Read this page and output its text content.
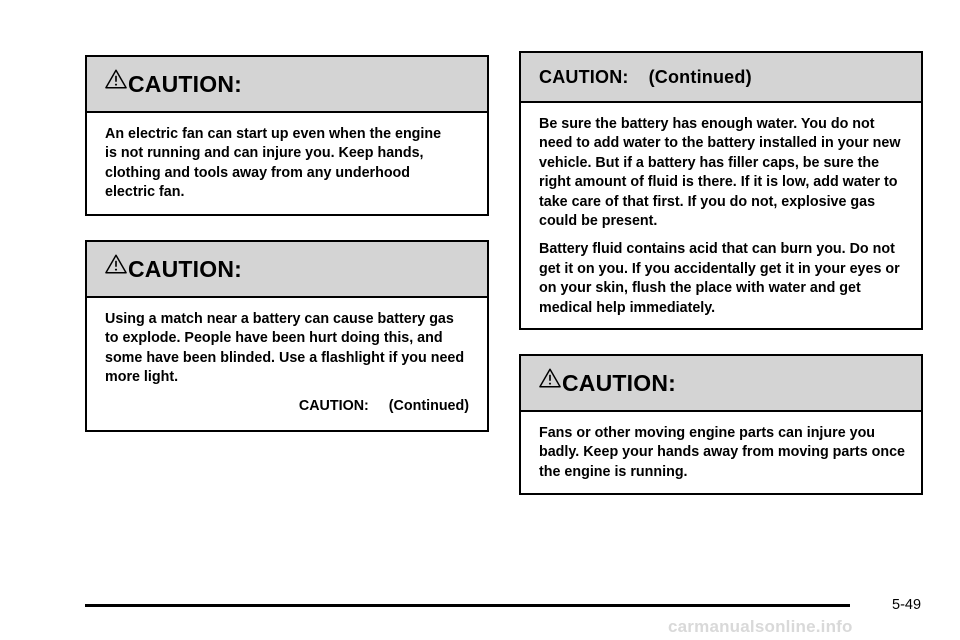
CAUTION:

An electric fan can start up even when the engine is not running and can injure you. Keep hands, clothing and tools away from any underhood electric fan.

CAUTION:

Using a match near a battery can cause battery gas to explode. People have been hurt doing this, and some have been blinded. Use a flashlight if you need more light.

CAUTION: (Continued)
CAUTION: (Continued)

Be sure the battery has enough water. You do not need to add water to the battery installed in your new vehicle. But if a battery has filler caps, be sure the right amount of fluid is there. If it is low, add water to take care of that first. If you do not, explosive gas could be present.

Battery fluid contains acid that can burn you. Do not get it on you. If you accidentally get it in your eyes or on your skin, flush the place with water and get medical help immediately.

CAUTION:

Fans or other moving engine parts can injure you badly. Keep your hands away from moving parts once the engine is running.

5-49
carmanualsonline.info
